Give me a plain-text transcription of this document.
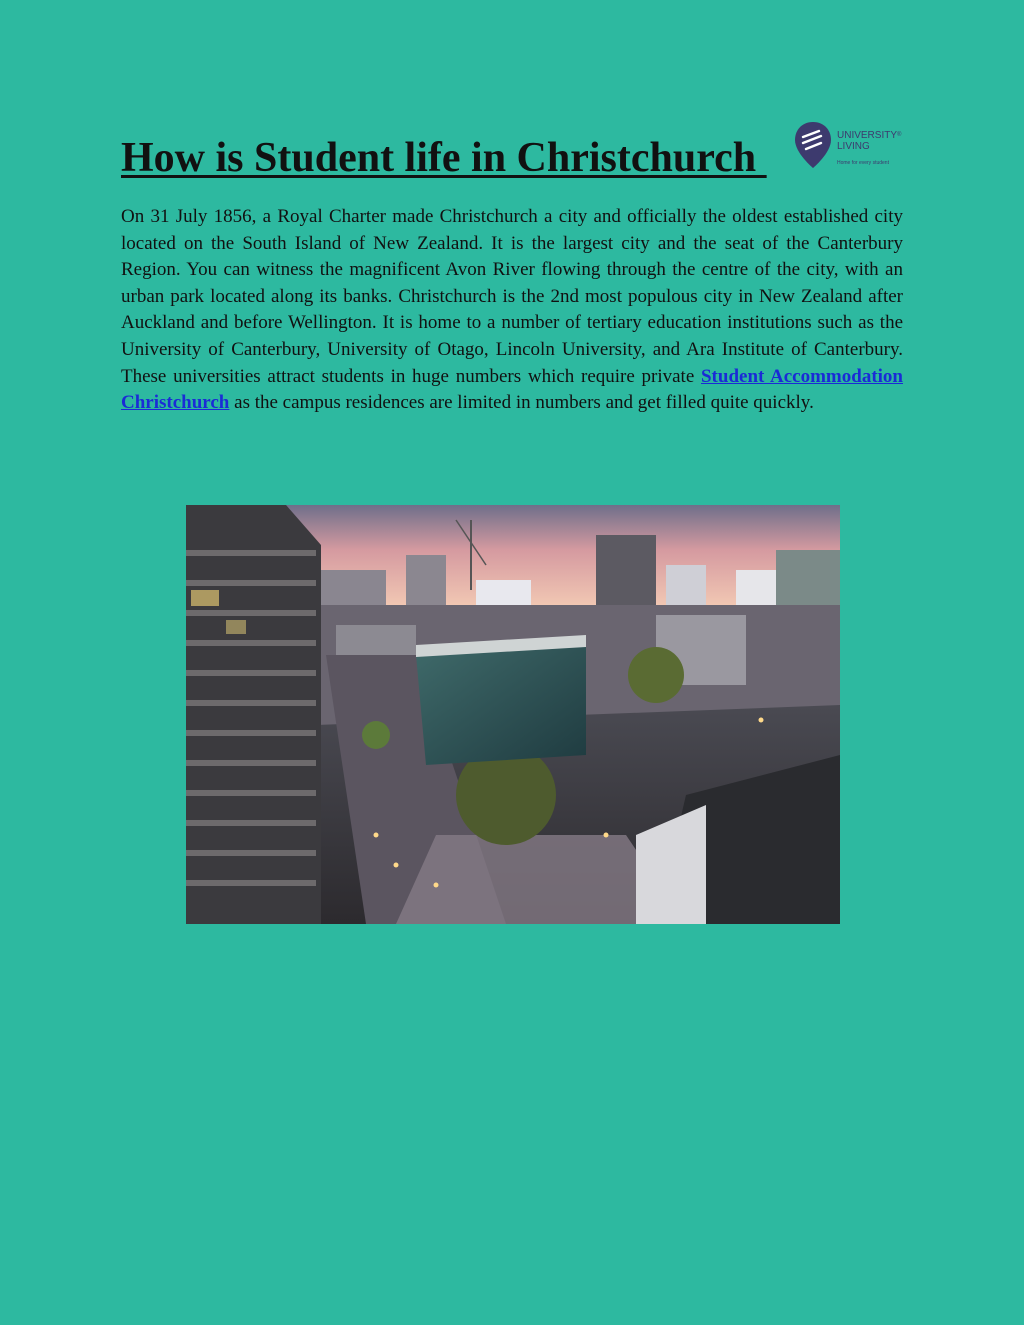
How is Student life in Christchurch	UNIVERSITY®
LIVING
Home for every student

On 31 July 1856, a Royal Charter made Christchurch a city and officially the oldest established city located on the South Island of New Zealand. It is the largest city and the seat of the Canterbury Region. You can witness the magnificent Avon River flowing through the centre of the city, with an urban park located along its banks. Christchurch is the 2nd most populous city in New Zealand after Auckland and before Wellington. It is home to a number of tertiary education institutions such as the University of Canterbury, University of Otago, Lincoln University, and Ara Institute of Canterbury. These universities attract students in huge numbers which require private Student Accommodation Christchurch as the campus residences are limited in numbers and get filled quite quickly.
